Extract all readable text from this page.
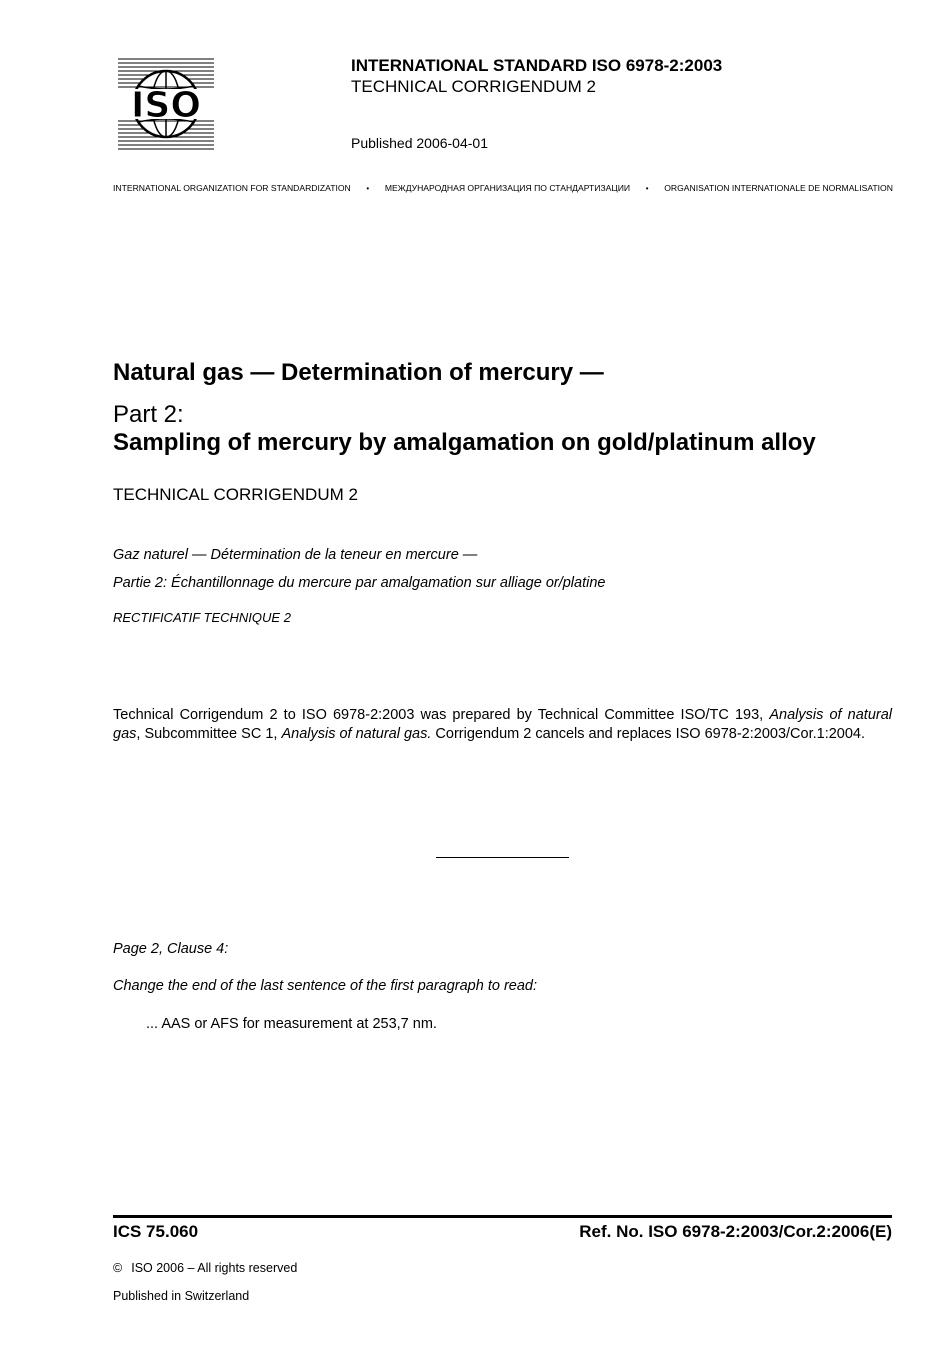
ISO
INTERNATIONAL STANDARD ISO 6978-2:2003
TECHNICAL CORRIGENDUM 2
Published 2006-04-01
INTERNATIONAL ORGANIZATION FOR STANDARDIZATION • МЕЖДУНАРОДНАЯ ОРГАНИЗАЦИЯ ПО СТАНДАРТИЗАЦИИ • ORGANISATION INTERNATIONALE DE NORMALISATION
Natural gas — Determination of mercury —
Part 2:
Sampling of mercury by amalgamation on gold/platinum alloy
TECHNICAL CORRIGENDUM 2
Gaz naturel — Détermination de la teneur en mercure —
Partie 2: Échantillonnage du mercure par amalgamation sur alliage or/platine
RECTIFICATIF TECHNIQUE 2
Technical Corrigendum 2 to ISO 6978-2:2003 was prepared by Technical Committee ISO/TC 193, Analysis of natural gas, Subcommittee SC 1, Analysis of natural gas. Corrigendum 2 cancels and replaces ISO 6978-2:2003/Cor.1:2004.
Page 2, Clause 4:
Change the end of the last sentence of the first paragraph to read:
... AAS or AFS for measurement at 253,7 nm.
ICS 75.060	Ref. No. ISO 6978-2:2003/Cor.2:2006(E)
© ISO 2006 – All rights reserved
Published in Switzerland
